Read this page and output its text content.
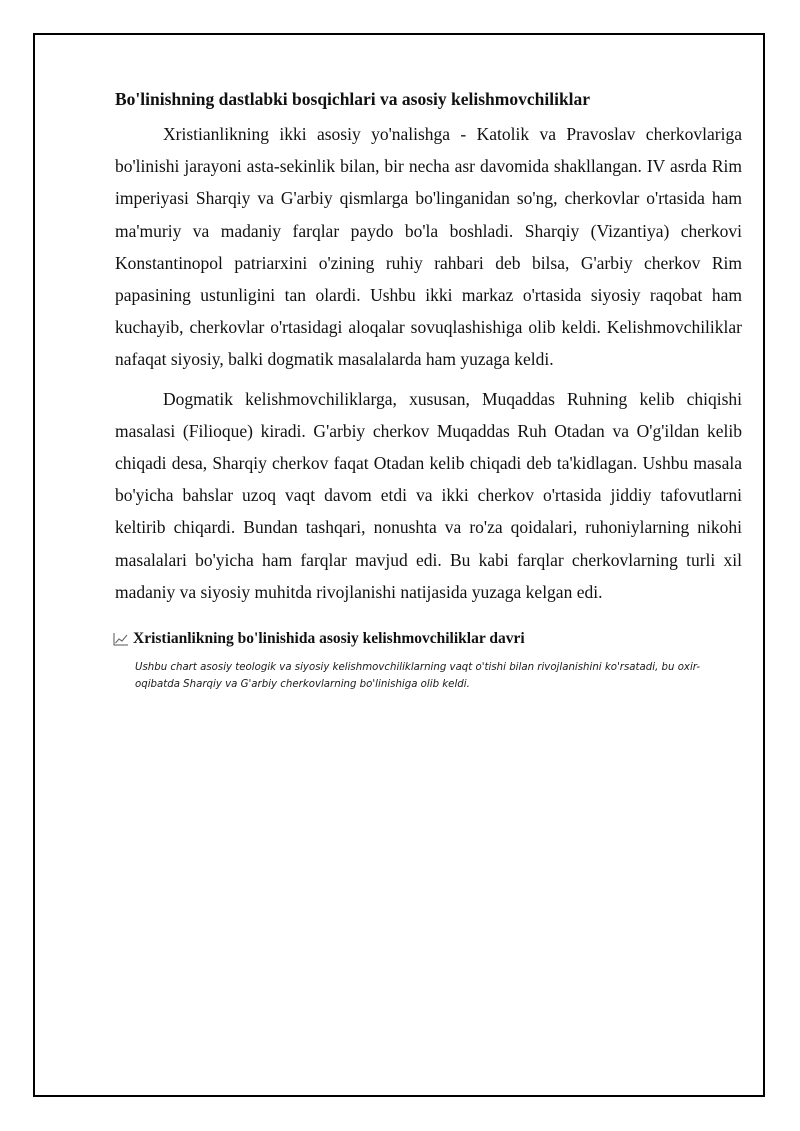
Bo'linishning dastlabki bosqichlari va asosiy kelishmovchiliklar

Xristianlikning ikki asosiy yo'nalishga - Katolik va Pravoslav cherkovlariga bo'linishi jarayoni asta-sekinlik bilan, bir necha asr davomida shakllangan. IV asrda Rim imperiyasi Sharqiy va G'arbiy qismlarga bo'linganidan so'ng, cherkovlar o'rtasida ham ma'muriy va madaniy farqlar paydo bo'la boshladi. Sharqiy (Vizantiya) cherkovi Konstantinopol patriarxini o'zining ruhiy rahbari deb bilsa, G'arbiy cherkov Rim papasining ustunligini tan olardi. Ushbu ikki markaz o'rtasida siyosiy raqobat ham kuchayib, cherkovlar o'rtasidagi aloqalar sovuqlashishiga olib keldi. Kelishmovchiliklar nafaqat siyosiy, balki dogmatik masalalarda ham yuzaga keldi.

Dogmatik kelishmovchiliklarga, xususan, Muqaddas Ruhning kelib chiqishi masalasi (Filioque) kiradi. G'arbiy cherkov Muqaddas Ruh Otadan va O'g'ildan kelib chiqadi desa, Sharqiy cherkov faqat Otadan kelib chiqadi deb ta'kidlagan. Ushbu masala bo'yicha bahslar uzoq vaqt davom etdi va ikki cherkov o'rtasida jiddiy tafovutlarni keltirib chiqardi. Bundan tashqari, nonushta va ro'za qoidalari, ruhoniylarning nikohi masalalari bo'yicha ham farqlar mavjud edi. Bu kabi farqlar cherkovlarning turli xil madaniy va siyosiy muhitda rivojlanishi natijasida yuzaga kelgan edi.

Xristianlikning bo'linishida asosiy kelishmovchiliklar davri

Ushbu chart asosiy teologik va siyosiy kelishmovchiliklarning vaqt o'tishi bilan rivojlanishini ko'rsatadi, bu oxir-oqibatda Sharqiy va G'arbiy cherkovlarning bo'linishiga olib keldi.
